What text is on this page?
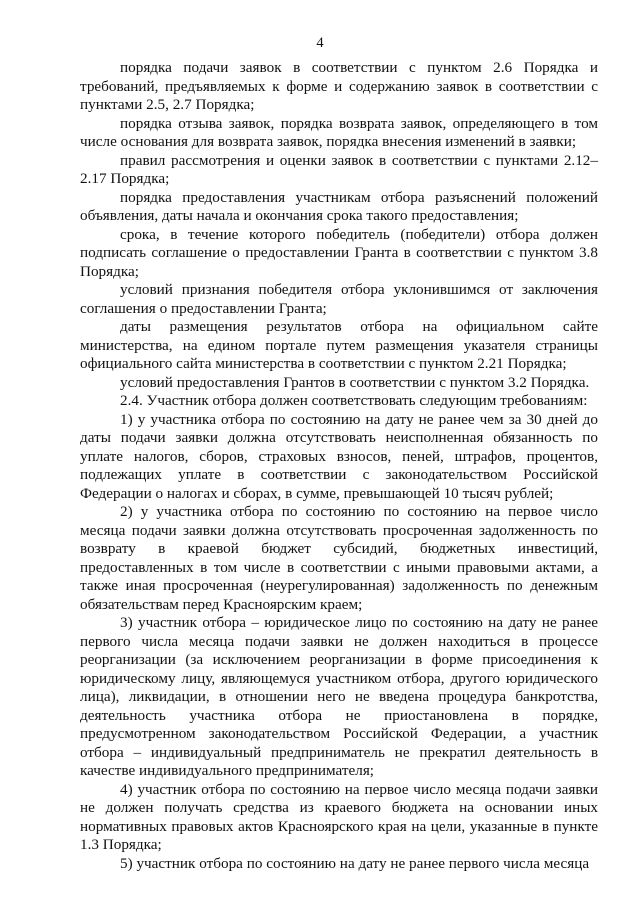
4

порядка подачи заявок в соответствии с пунктом 2.6 Порядка и требований, предъявляемых к форме и содержанию заявок в соответствии с пунктами 2.5, 2.7 Порядка;

порядка отзыва заявок, порядка возврата заявок, определяющего в том числе основания для возврата заявок, порядка внесения изменений в заявки;

правил рассмотрения и оценки заявок в соответствии с пунктами 2.12–2.17 Порядка;

порядка предоставления участникам отбора разъяснений положений объявления, даты начала и окончания срока такого предоставления;

срока, в течение которого победитель (победители) отбора должен подписать соглашение о предоставлении Гранта в соответствии с пунктом 3.8 Порядка;

условий признания победителя отбора уклонившимся от заключения соглашения о предоставлении Гранта;

даты размещения результатов отбора на официальном сайте министерства, на едином портале путем размещения указателя страницы официального сайта министерства в соответствии с пунктом 2.21 Порядка;

условий предоставления Грантов в соответствии с пунктом 3.2 Порядка.

2.4. Участник отбора должен соответствовать следующим требованиям:

1) у участника отбора по состоянию на дату не ранее чем за 30 дней до даты подачи заявки должна отсутствовать неисполненная обязанность по уплате налогов, сборов, страховых взносов, пеней, штрафов, процентов, подлежащих уплате в соответствии с законодательством Российской Федерации о налогах и сборах, в сумме, превышающей 10 тысяч рублей;

2) у участника отбора по состоянию по состоянию на первое число месяца подачи заявки должна отсутствовать просроченная задолженность по возврату в краевой бюджет субсидий, бюджетных инвестиций, предоставленных в том числе в соответствии с иными правовыми актами, а также иная просроченная (неурегулированная) задолженность по денежным обязательствам перед Красноярским краем;

3) участник отбора – юридическое лицо по состоянию на дату не ранее первого числа месяца подачи заявки не должен находиться в процессе реорганизации (за исключением реорганизации в форме присоединения к юридическому лицу, являющемуся участником отбора, другого юридического лица), ликвидации, в отношении него не введена процедура банкротства, деятельность участника отбора не приостановлена в порядке, предусмотренном законодательством Российской Федерации, а участник отбора – индивидуальный предприниматель не прекратил деятельность в качестве индивидуального предпринимателя;

4) участник отбора по состоянию на первое число месяца подачи заявки не должен получать средства из краевого бюджета на основании иных нормативных правовых актов Красноярского края на цели, указанные в пункте 1.3 Порядка;

5) участник отбора по состоянию на дату не ранее первого числа месяца
